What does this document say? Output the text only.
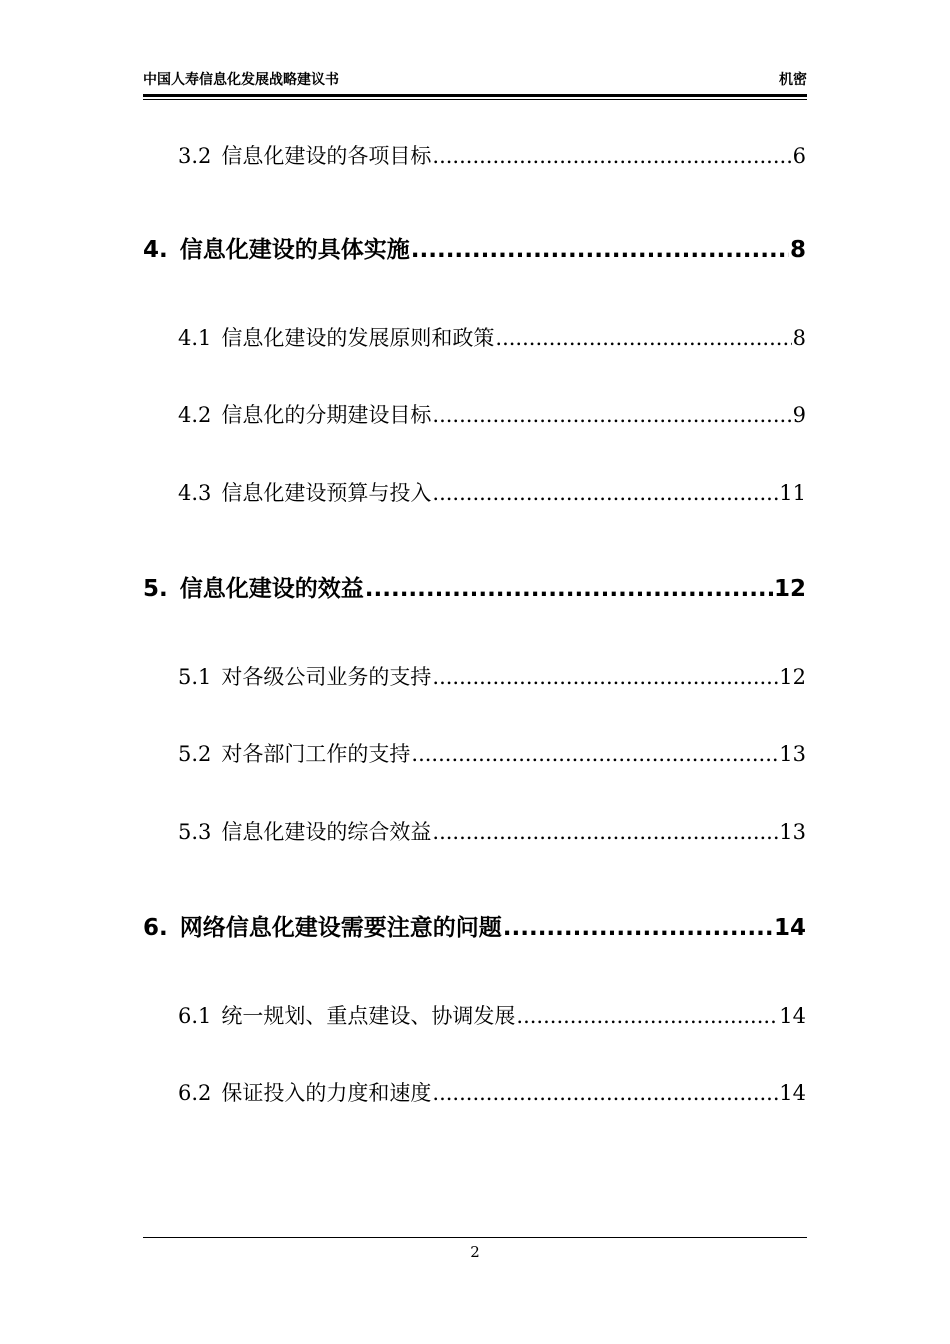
中国人寿信息化发展战略建议书	机密
3.2 信息化建设的各项目标 .....	6
4. 信息化建设的具体实施 .....	8
4.1 信息化建设的发展原则和政策 .....	8
4.2 信息化的分期建设目标 .....	9
4.3 信息化建设预算与投入 .....	11
5. 信息化建设的效益 .....	12
5.1 对各级公司业务的支持 .....	12
5.2 对各部门工作的支持 .....	13
5.3 信息化建设的综合效益 .....	13
6. 网络信息化建设需要注意的问题 .....	14
6.1 统一规划、重点建设、协调发展 .....	14
6.2 保证投入的力度和速度 .....	14
2
